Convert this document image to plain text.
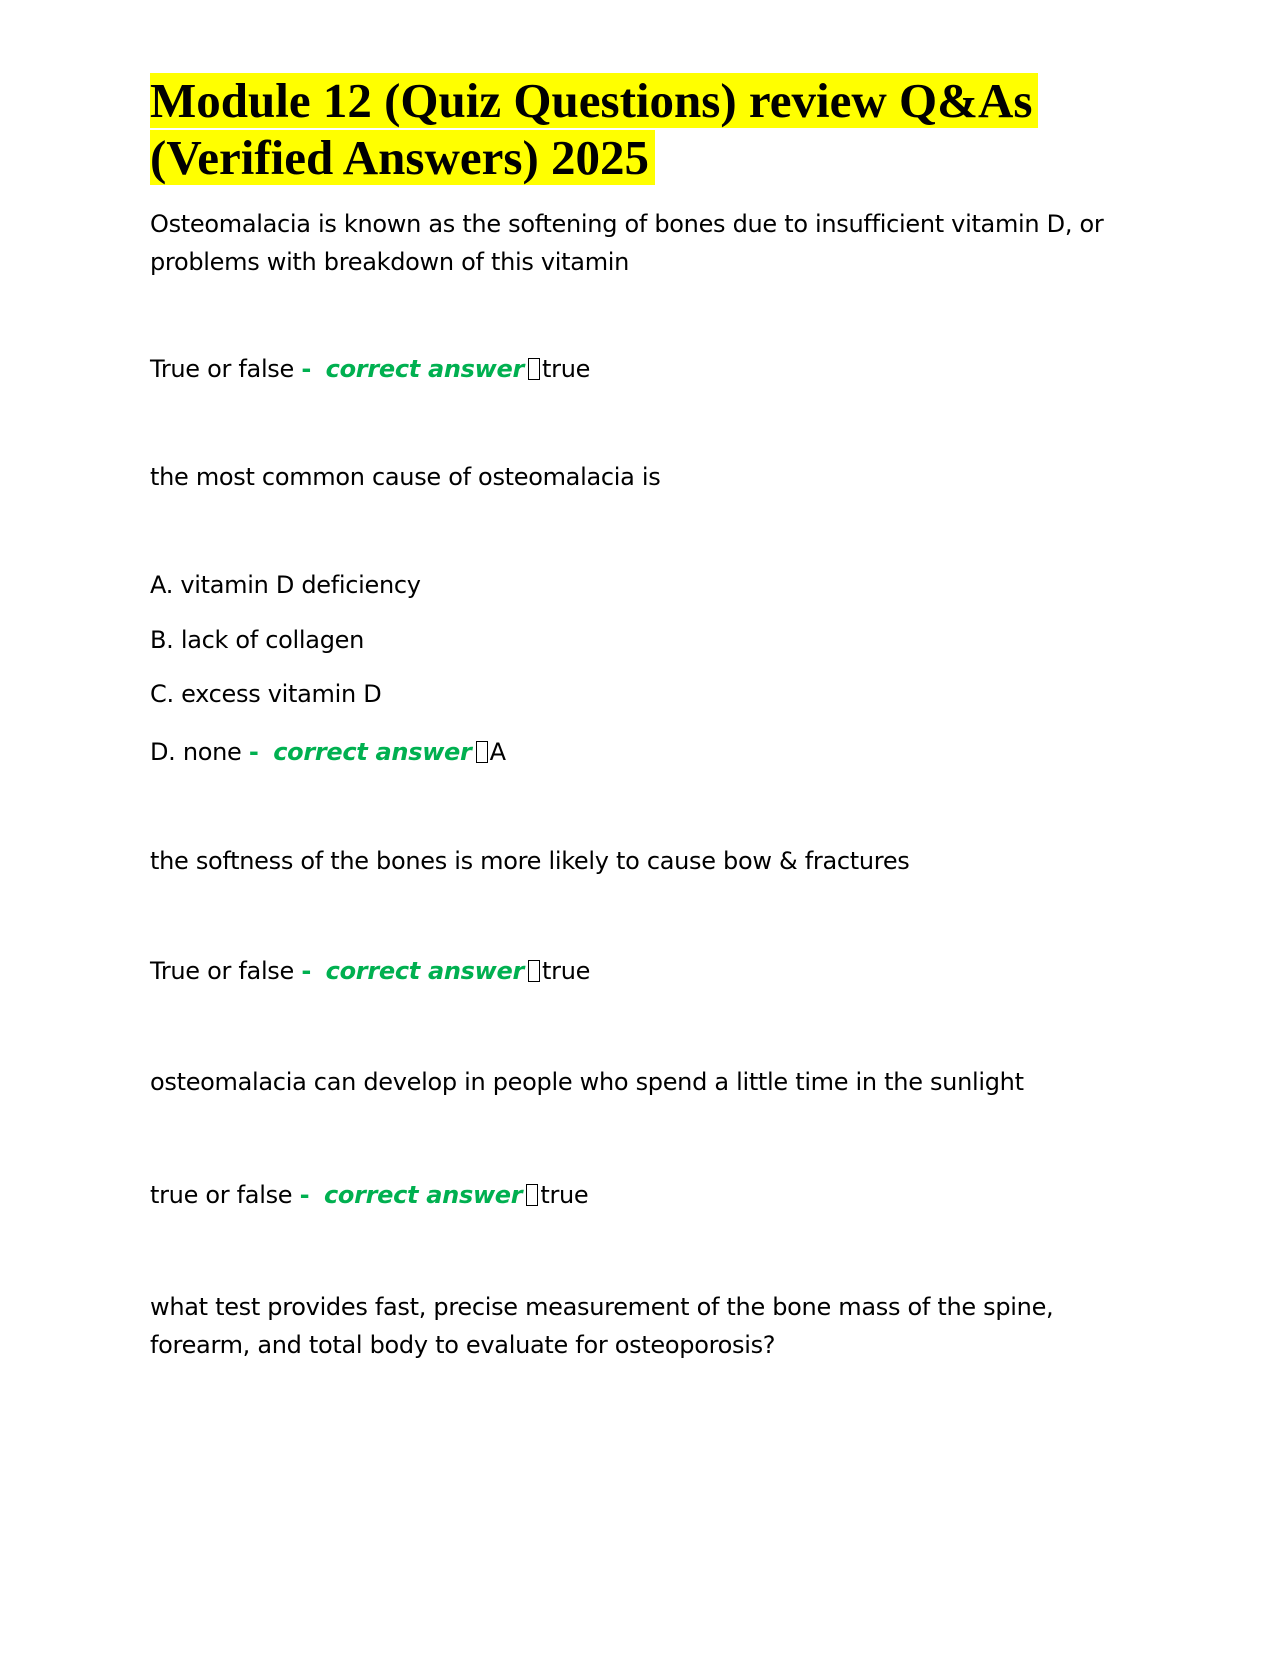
Module 12 (Quiz Questions) review Q&As (Verified Answers) 2025

Osteomalacia is known as the softening of bones due to insufficient vitamin D, or problems with breakdown of this vitamin

True or false - correct answer true

the most common cause of osteomalacia is

A. vitamin D deficiency

B. lack of collagen

C. excess vitamin D

D. none - correct answer A

the softness of the bones is more likely to cause bow & fractures

True or false - correct answer true

osteomalacia can develop in people who spend a little time in the sunlight

true or false - correct answer true

what test provides fast, precise measurement of the bone mass of the spine, forearm, and total body to evaluate for osteoporosis?
